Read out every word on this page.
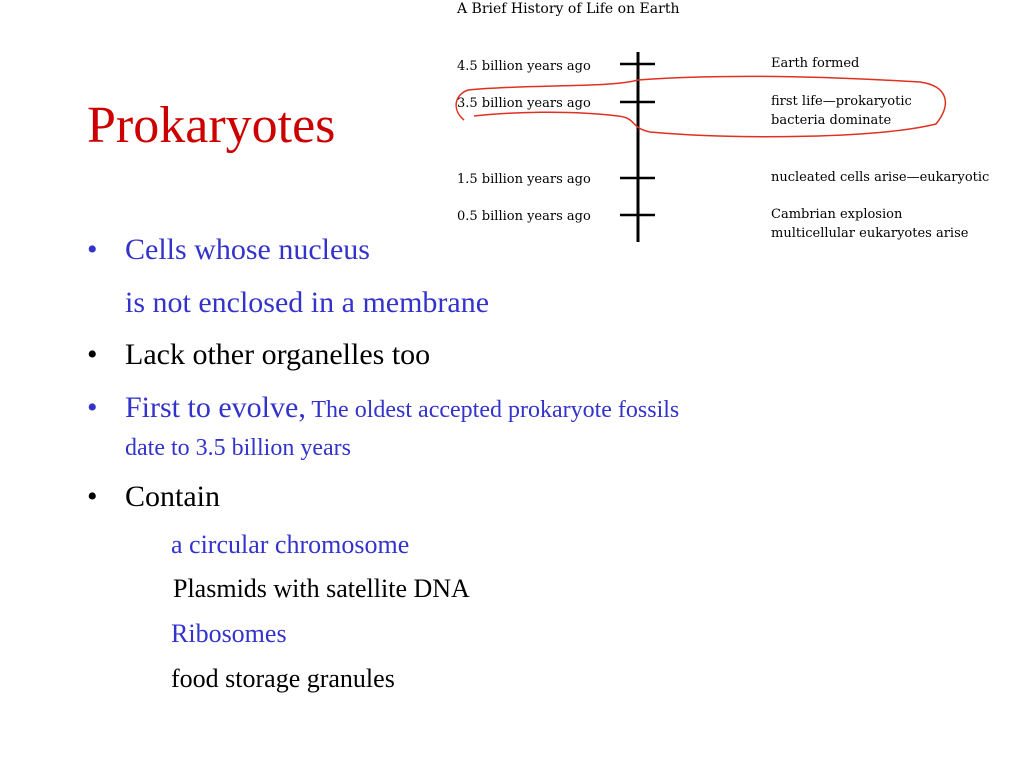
Prokaryotes
A Brief History of Life on Earth
4.5 billion years ago
3.5 billion years ago
1.5 billion years ago
0.5 billion years ago
Earth formed
first life—prokaryotic
bacteria dominate
nucleated cells arise—eukaryotic
Cambrian explosion
multicellular eukaryotes arise
• Cells whose nucleus
is not enclosed in a membrane
• Lack other organelles too
• First to evolve, The oldest accepted prokaryote fossils
date to 3.5 billion years
• Contain
a circular chromosome
Plasmids with satellite DNA
Ribosomes
food storage granules
